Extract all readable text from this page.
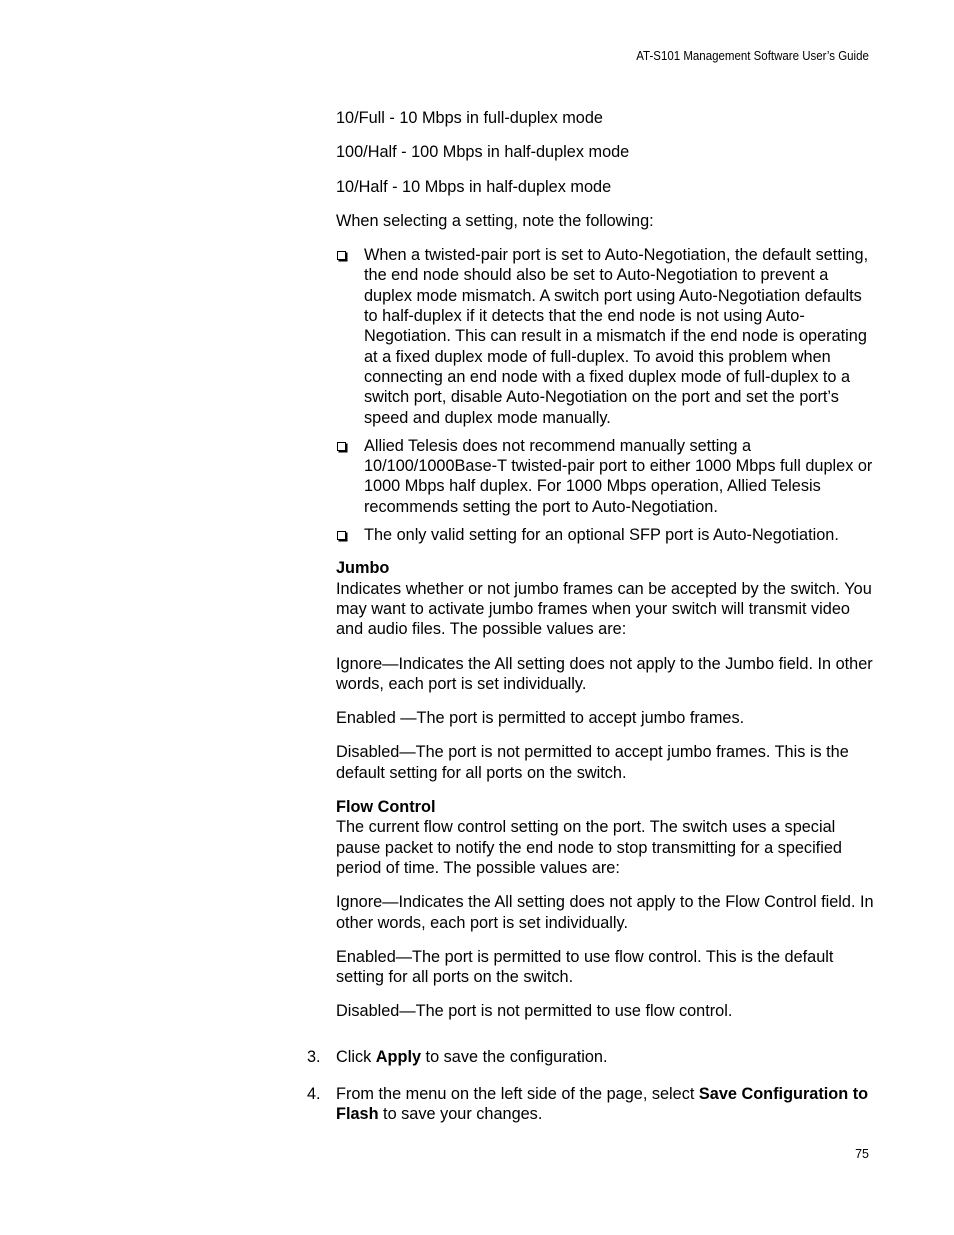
AT-S101 Management Software User’s Guide

10/Full - 10 Mbps in full-duplex mode

100/Half - 100 Mbps in half-duplex mode

10/Half - 10 Mbps in half-duplex mode

When selecting a setting, note the following:

When a twisted-pair port is set to Auto-Negotiation, the default setting, the end node should also be set to Auto-Negotiation to prevent a duplex mode mismatch. A switch port using Auto-Negotiation defaults to half-duplex if it detects that the end node is not using Auto-Negotiation. This can result in a mismatch if the end node is operating at a fixed duplex mode of full-duplex. To avoid this problem when connecting an end node with a fixed duplex mode of full-duplex to a switch port, disable Auto-Negotiation on the port and set the port’s speed and duplex mode manually.
Allied Telesis does not recommend manually setting a 10/100/1000Base-T twisted-pair port to either 1000 Mbps full duplex or 1000 Mbps half duplex. For 1000 Mbps operation, Allied Telesis recommends setting the port to Auto-Negotiation.
The only valid setting for an optional SFP port is Auto-Negotiation.
Jumbo
Indicates whether or not jumbo frames can be accepted by the switch. You may want to activate jumbo frames when your switch will transmit video and audio files. The possible values are:

Ignore—Indicates the All setting does not apply to the Jumbo field. In other words, each port is set individually.

Enabled —The port is permitted to accept jumbo frames.

Disabled—The port is not permitted to accept jumbo frames. This is the default setting for all ports on the switch.

Flow Control
The current flow control setting on the port. The switch uses a special pause packet to notify the end node to stop transmitting for a specified period of time. The possible values are:

Ignore—Indicates the All setting does not apply to the Flow Control field. In other words, each port is set individually.

Enabled—The port is permitted to use flow control. This is the default setting for all ports on the switch.

Disabled—The port is not permitted to use flow control.

3. Click Apply to save the configuration.
4. From the menu on the left side of the page, select Save Configuration to Flash to save your changes.
75
